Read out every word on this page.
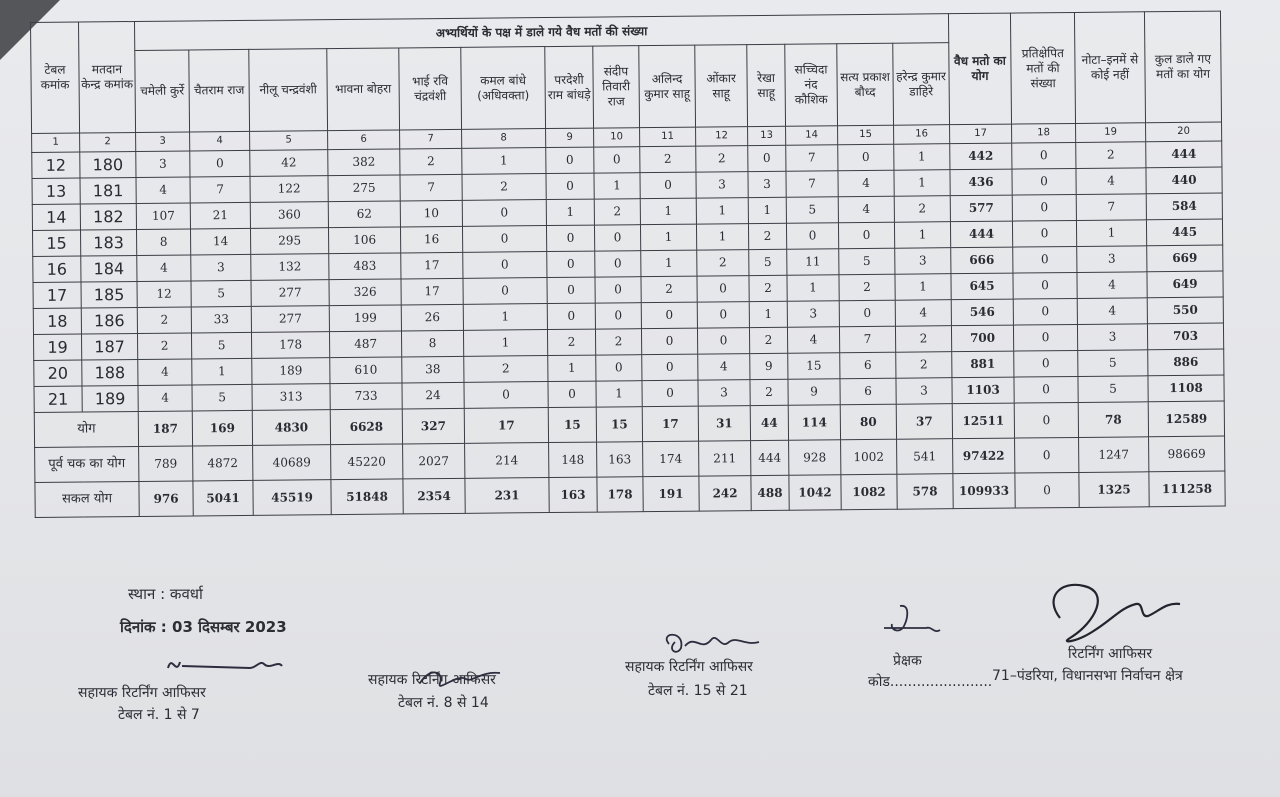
टेबल कमांक	मतदान केन्द्र कमांक	अभ्यर्थियों के पक्ष में डाले गये वैध मतों की संख्या														वैध मतो का योग	प्रतिक्षेपित मतों की संख्या	नोटा–इनमें से कोई नहीं	कुल डाले गए मतों का योग
		चमेली कुर्रे	चैतराम राज	नीलू चन्द्रवंशी	भावना बोहरा	भाई रवि चंद्रवंशी	कमल बांधे (अधिवक्ता)	परदेशी राम बांधड़े	संदीप तिवारी राज	अलिन्द कुमार साहू	ओंकार साहू	रेखा साहू	सच्चिदा नंद कौशिक	सत्य प्रकाश बौध्द	हरेन्द्र कुमार डाहिरे				
1	2	3	4	5	6	7	8	9	10	11	12	13	14	15	16	17	18	19	20
12	180	3	0	42	382	2	1	0	0	2	2	0	7	0	1	442	0	2	444
13	181	4	7	122	275	7	2	0	1	0	3	3	7	4	1	436	0	4	440
14	182	107	21	360	62	10	0	1	2	1	1	1	5	4	2	577	0	7	584
15	183	8	14	295	106	16	0	0	0	1	1	2	0	0	1	444	0	1	445
16	184	4	3	132	483	17	0	0	0	1	2	5	11	5	3	666	0	3	669
17	185	12	5	277	326	17	0	0	0	2	0	2	1	2	1	645	0	4	649
18	186	2	33	277	199	26	1	0	0	0	0	1	3	0	4	546	0	4	550
19	187	2	5	178	487	8	1	2	2	0	0	2	4	7	2	700	0	3	703
20	188	4	1	189	610	38	2	1	0	0	4	9	15	6	2	881	0	5	886
21	189	4	5	313	733	24	0	0	1	0	3	2	9	6	3	1103	0	5	1108
योग		187	169	4830	6628	327	17	15	15	17	31	44	114	80	37	12511	0	78	12589
पूर्व चक का योग		789	4872	40689	45220	2027	214	148	163	174	211	444	928	1002	541	97422	0	1247	98669
सकल योग		976	5041	45519	51848	2354	231	163	178	191	242	488	1042	1082	578	109933	0	1325	111258
स्थान : कवर्धा
दिनांक : 03 दिसम्बर 2023
सहायक रिटर्निंग आफिसर
टेबल नं. 1 से 7
सहायक रिटर्निंग आफिसर
टेबल नं. 8 से 14
सहायक रिटर्निंग आफिसर
टेबल नं. 15 से 21
प्रेक्षक
कोड.......................
रिटर्निंग आफिसर
71–पंडरिया, विधानसभा निर्वाचन क्षेत्र
